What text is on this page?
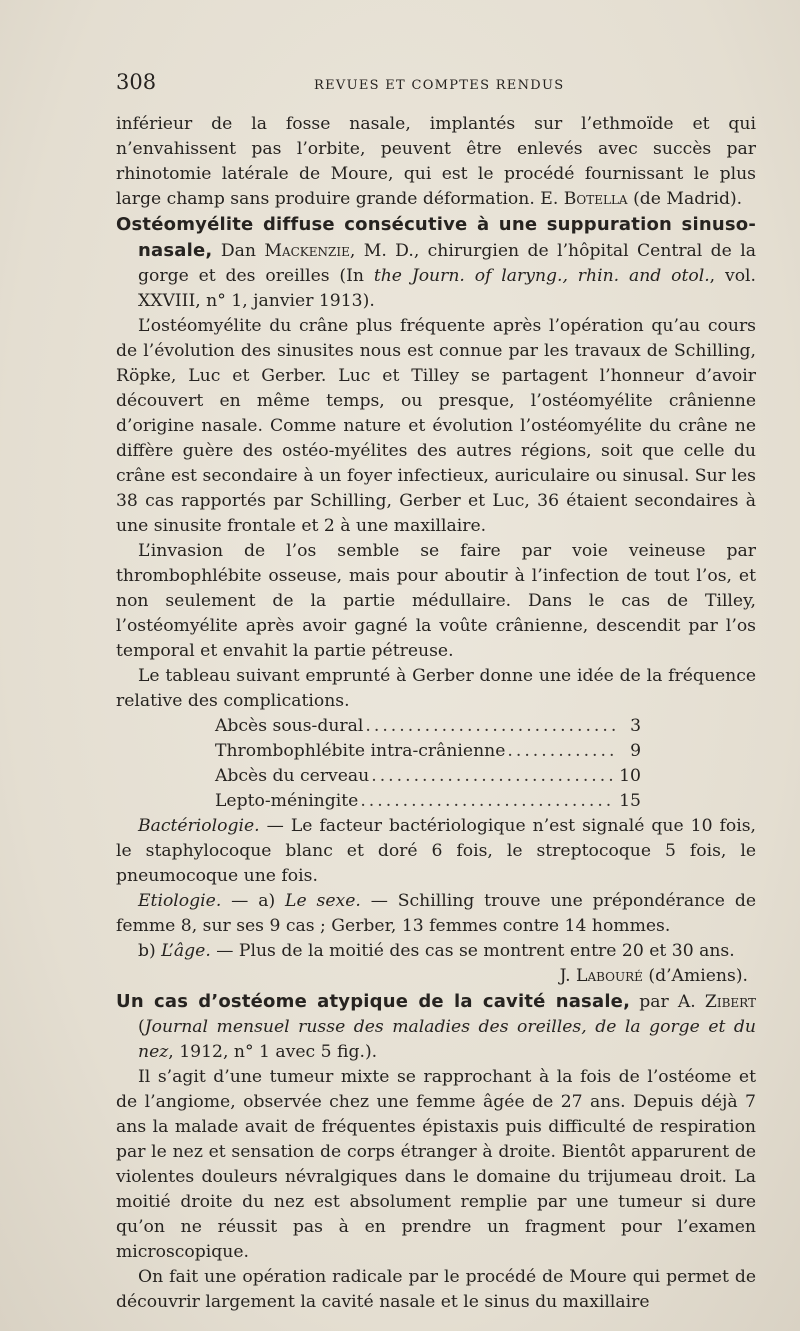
308	REVUES ET COMPTES RENDUS

inférieur de la fosse nasale, implantés sur l’ethmoïde et qui n’envahissent pas l’orbite, peuvent être enlevés avec succès par rhinotomie latérale de Moure, qui est le procédé fournissant le plus large champ sans produire grande déformation. E. Botella (de Madrid).

Ostéomyélite diffuse consécutive à une suppuration sinuso-nasale, Dan Mackenzie, M. D., chirurgien de l’hôpital Central de la gorge et des oreilles (In the Journ. of laryng., rhin. and otol., vol. XXVIII, n° 1, janvier 1913).

L’ostéomyélite du crâne plus fréquente après l’opération qu’au cours de l’évolution des sinusites nous est connue par les travaux de Schilling, Röpke, Luc et Gerber. Luc et Tilley se partagent l’honneur d’avoir découvert en même temps, ou presque, l’ostéomyélite crânienne d’origine nasale. Comme nature et évolution l’ostéomyélite du crâne ne diffère guère des ostéo-myélites des autres régions, soit que celle du crâne est secondaire à un foyer infectieux, auriculaire ou sinusal. Sur les 38 cas rapportés par Schilling, Gerber et Luc, 36 étaient secondaires à une sinusite frontale et 2 à une maxillaire.

L’invasion de l’os semble se faire par voie veineuse par thrombophlébite osseuse, mais pour aboutir à l’infection de tout l’os, et non seulement de la partie médullaire. Dans le cas de Tilley, l’ostéomyélite après avoir gagné la voûte crânienne, descendit par l’os temporal et envahit la partie pétreuse.

Le tableau suivant emprunté à Gerber donne une idée de la fréquence relative des complications.

Abcès sous-dural .....	3
Thrombophlébite intra-crânienne .....	9
Abcès du cerveau .....	10
Lepto-méningite .....	15

Bactériologie. — Le facteur bactériologique n’est signalé que 10 fois, le staphylocoque blanc et doré 6 fois, le streptocoque 5 fois, le pneumocoque une fois.

Etiologie. — a) Le sexe. — Schilling trouve une prépondérance de femme 8, sur ses 9 cas ; Gerber, 13 femmes contre 14 hommes.

b) L’âge. — Plus de la moitié des cas se montrent entre 20 et 30 ans.

J. Labouré (d’Amiens).

Un cas d’ostéome atypique de la cavité nasale, par A. Zibert (Journal mensuel russe des maladies des oreilles, de la gorge et du nez, 1912, n° 1 avec 5 fig.).

Il s’agit d’une tumeur mixte se rapprochant à la fois de l’ostéome et de l’angiome, observée chez une femme âgée de 27 ans. Depuis déjà 7 ans la malade avait de fréquentes épistaxis puis difficulté de respiration par le nez et sensation de corps étranger à droite. Bientôt apparurent de violentes douleurs névralgiques dans le domaine du trijumeau droit. La moitié droite du nez est absolument remplie par une tumeur si dure qu’on ne réussit pas à en prendre un fragment pour l’examen microscopique.

On fait une opération radicale par le procédé de Moure qui permet de découvrir largement la cavité nasale et le sinus du maxillaire
